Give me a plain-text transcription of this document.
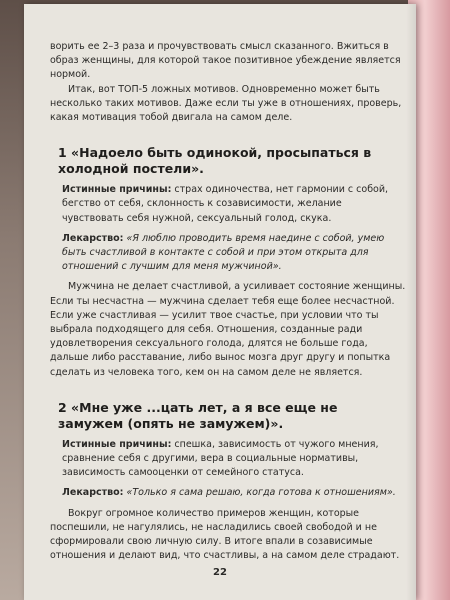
ворить ее 2–3 раза и прочувствовать смысл сказанного. Вжиться в образ женщины, для которой такое позитивное убеждение является нормой.

Итак, вот ТОП-5 ложных мотивов. Одновременно может быть несколько таких мотивов. Даже если ты уже в отношениях, проверь, какая мотивация тобой двигала на самом деле.

1 «Надоело быть одинокой, просыпаться в холодной постели».

Истинные причины: страх одиночества, нет гармонии с собой, бегство от себя, склонность к созависимости, желание чувствовать себя нужной, сексуальный голод, скука.

Лекарство: «Я люблю проводить время наедине с собой, умею быть счастливой в контакте с собой и при этом открыта для отношений с лучшим для меня мужчиной».

Мужчина не делает счастливой, а усиливает состояние женщины. Если ты несчастна — мужчина сделает тебя еще более несчастной. Если уже счастливая — усилит твое счастье, при условии что ты выбрала подходящего для себя. Отношения, созданные ради удовлетворения сексуального голода, длятся не больше года, дальше либо расставание, либо вынос мозга друг другу и попытка сделать из человека того, кем он на самом деле не является.

2 «Мне уже ...цать лет, а я все еще не замужем (опять не замужем)».

Истинные причины: спешка, зависимость от чужого мнения, сравнение себя с другими, вера в социальные нормативы, зависимость самооценки от семейного статуса.

Лекарство: «Только я сама решаю, когда готова к отношениям».

Вокруг огромное количество примеров женщин, которые поспешили, не нагулялись, не насладились своей свободой и не сформировали свою личную силу. В итоге впали в созависимые отношения и делают вид, что счастливы, а на самом деле страдают.

22
